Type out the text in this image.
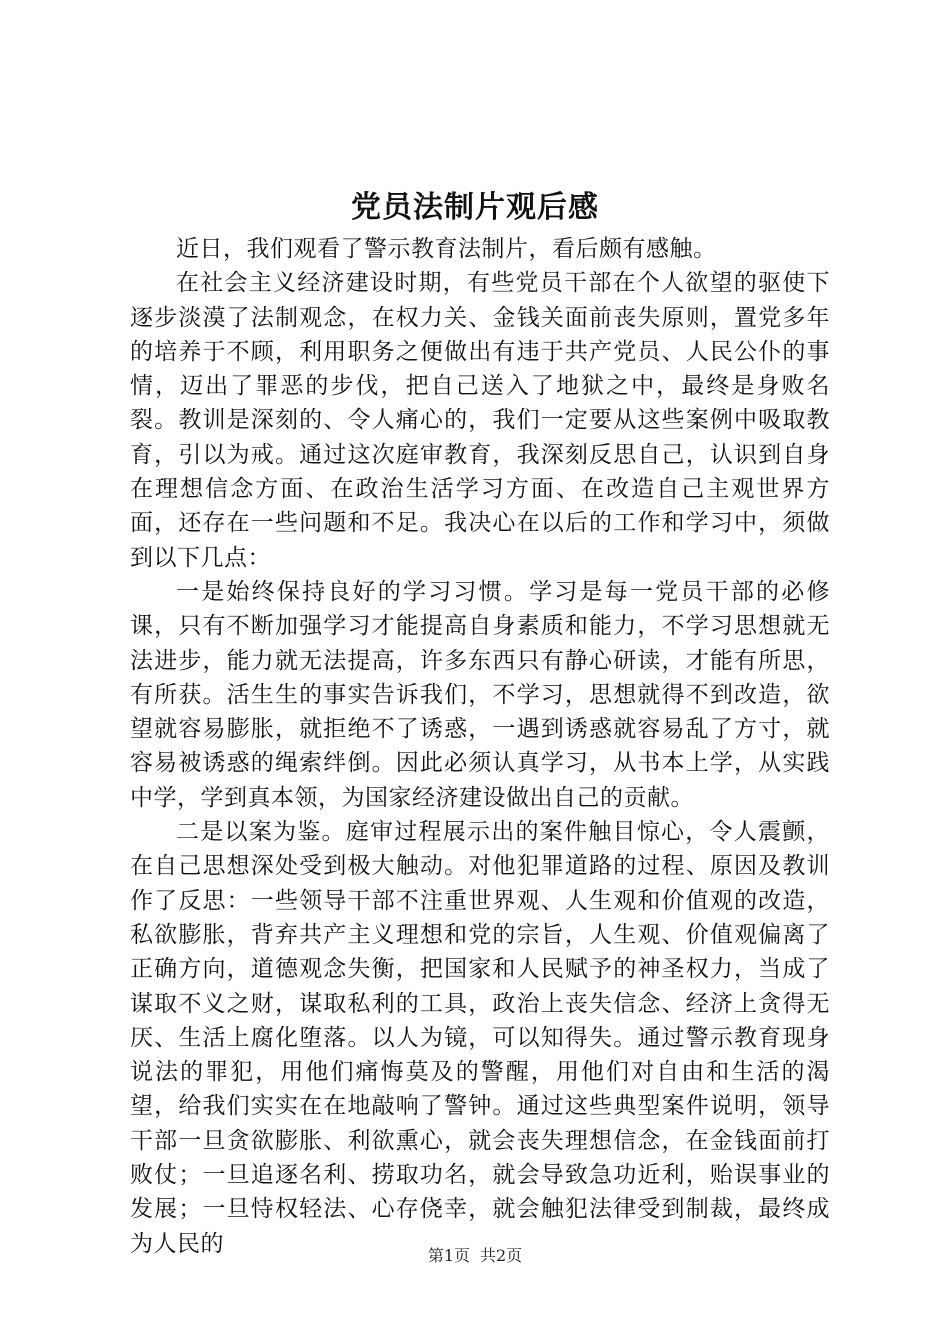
党员法制片观后感

近日，我们观看了警示教育法制片，看后颇有感触。

在社会主义经济建设时期，有些党员干部在个人欲望的驱使下逐步淡漠了法制观念，在权力关、金钱关面前丧失原则，置党多年的培养于不顾，利用职务之便做出有违于共产党员、人民公仆的事情，迈出了罪恶的步伐，把自己送入了地狱之中，最终是身败名裂。教训是深刻的、令人痛心的，我们一定要从这些案例中吸取教育，引以为戒。通过这次庭审教育，我深刻反思自己，认识到自身在理想信念方面、在政治生活学习方面、在改造自己主观世界方面，还存在一些问题和不足。我决心在以后的工作和学习中，须做到以下几点：

一是始终保持良好的学习习惯。学习是每一党员干部的必修课，只有不断加强学习才能提高自身素质和能力，不学习思想就无法进步，能力就无法提高，许多东西只有静心研读，才能有所思，有所获。活生生的事实告诉我们，不学习，思想就得不到改造，欲望就容易膨胀，就拒绝不了诱惑，一遇到诱惑就容易乱了方寸，就容易被诱惑的绳索绊倒。因此必须认真学习，从书本上学，从实践中学，学到真本领，为国家经济建设做出自己的贡献。

二是以案为鉴。庭审过程展示出的案件触目惊心，令人震颤，在自己思想深处受到极大触动。对他犯罪道路的过程、原因及教训作了反思：一些领导干部不注重世界观、人生观和价值观的改造，私欲膨胀，背弃共产主义理想和党的宗旨，人生观、价值观偏离了正确方向，道德观念失衡，把国家和人民赋予的神圣权力，当成了谋取不义之财，谋取私利的工具，政治上丧失信念、经济上贪得无厌、生活上腐化堕落。以人为镜，可以知得失。通过警示教育现身说法的罪犯，用他们痛悔莫及的警醒，用他们对自由和生活的渴望，给我们实实在在地敲响了警钟。通过这些典型案件说明，领导干部一旦贪欲膨胀、利欲熏心，就会丧失理想信念，在金钱面前打败仗；一旦追逐名利、捞取功名，就会导致急功近利，贻误事业的发展；一旦恃权轻法、心存侥幸，就会触犯法律受到制裁，最终成为人民的	第1页 共2页
